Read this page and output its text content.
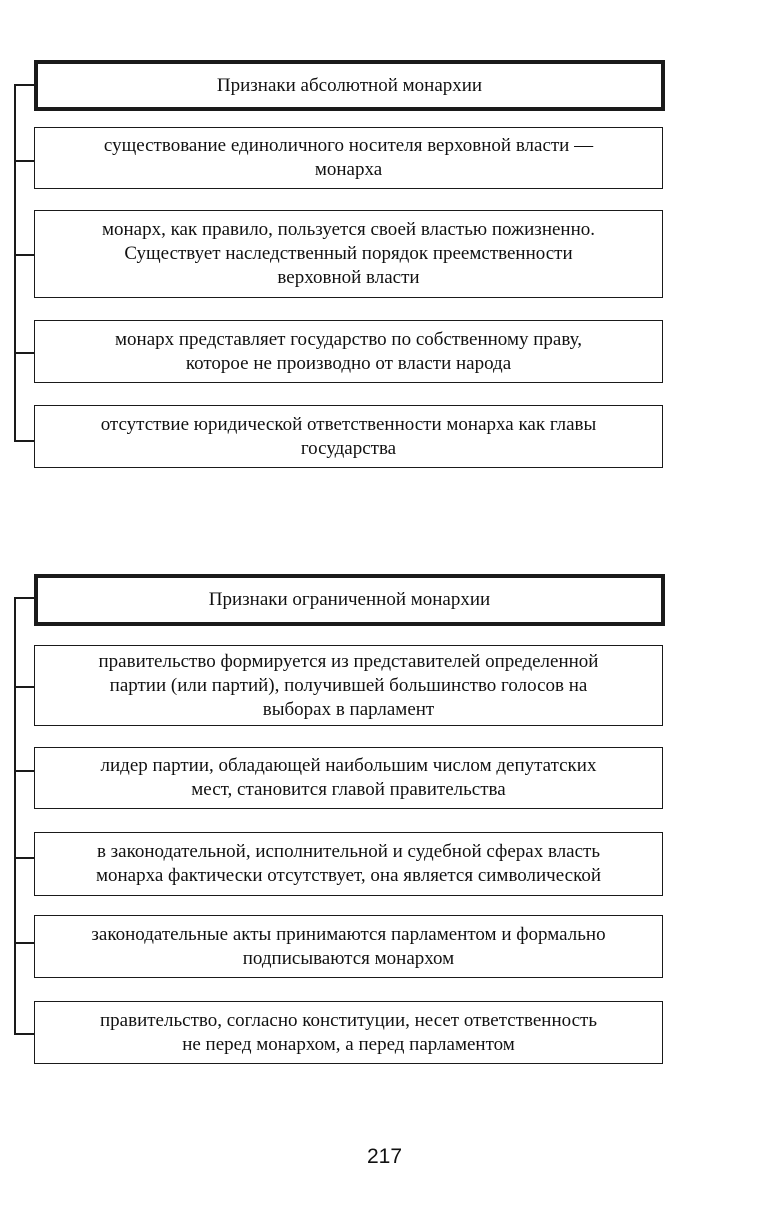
Признаки абсолютной монархии
существование единоличного носителя верховной власти —
монарха
монарх, как правило, пользуется своей властью пожизненно.
Существует наследственный порядок преемственности
верховной власти
монарх представляет государство по собственному праву,
которое не производно от власти народа
отсутствие юридической ответственности монарха как главы
государства
Признаки ограниченной монархии
правительство формируется из представителей определенной
партии (или партий), получившей большинство голосов на
выборах в парламент
лидер партии, обладающей наибольшим числом депутатских
мест, становится главой правительства
в законодательной, исполнительной и судебной сферах власть
монарха фактически отсутствует, она является символической
законодательные акты принимаются парламентом и формально
подписываются монархом
правительство, согласно конституции, несет ответственность
не перед монархом, а перед парламентом
217
